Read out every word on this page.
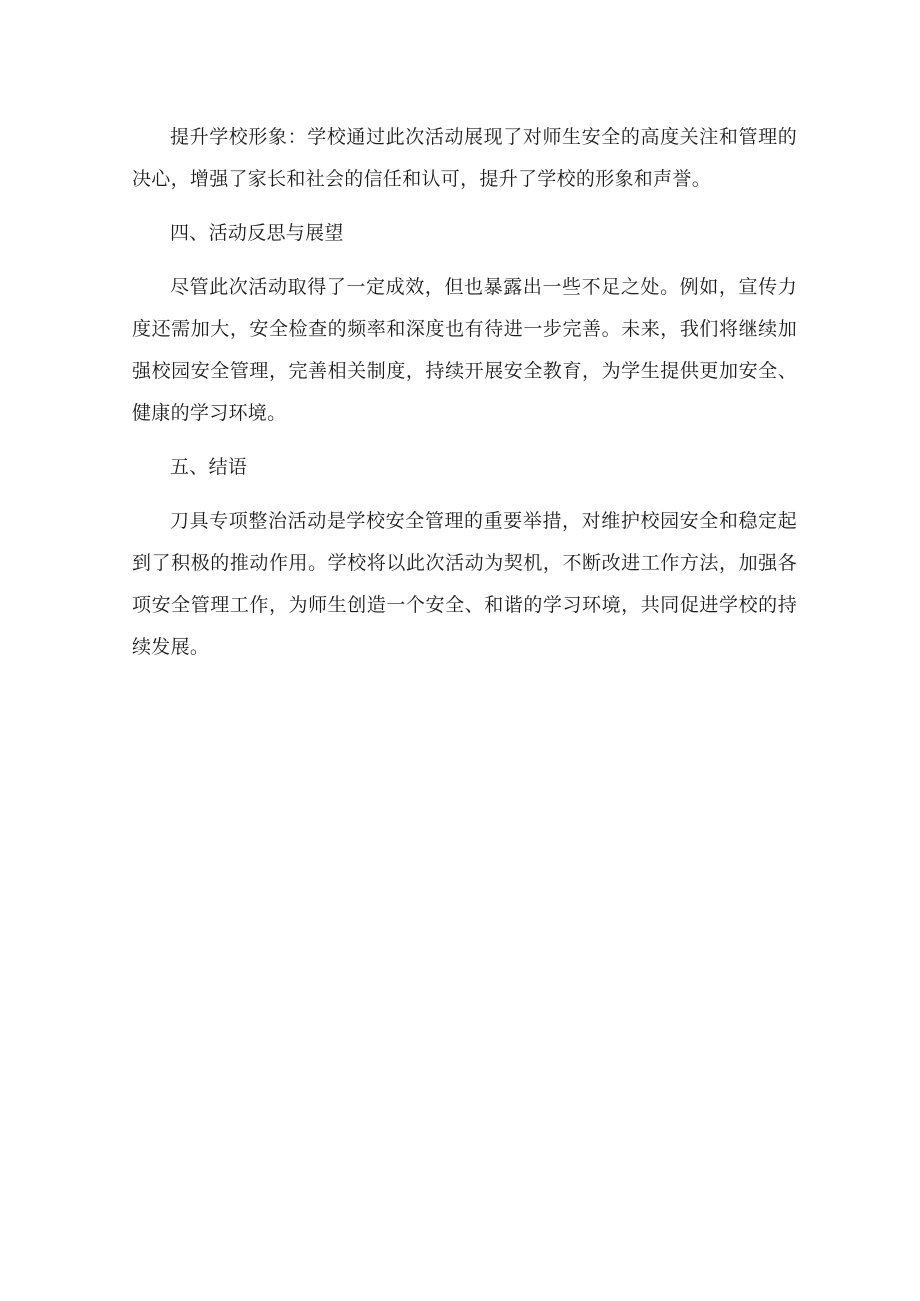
提升学校形象：学校通过此次活动展现了对师生安全的高度关注和管理的决心，增强了家长和社会的信任和认可，提升了学校的形象和声誉。

四、活动反思与展望

尽管此次活动取得了一定成效，但也暴露出一些不足之处。例如，宣传力度还需加大，安全检查的频率和深度也有待进一步完善。未来，我们将继续加强校园安全管理，完善相关制度，持续开展安全教育，为学生提供更加安全、健康的学习环境。

五、结语

刀具专项整治活动是学校安全管理的重要举措，对维护校园安全和稳定起到了积极的推动作用。学校将以此次活动为契机，不断改进工作方法，加强各项安全管理工作，为师生创造一个安全、和谐的学习环境，共同促进学校的持续发展。
